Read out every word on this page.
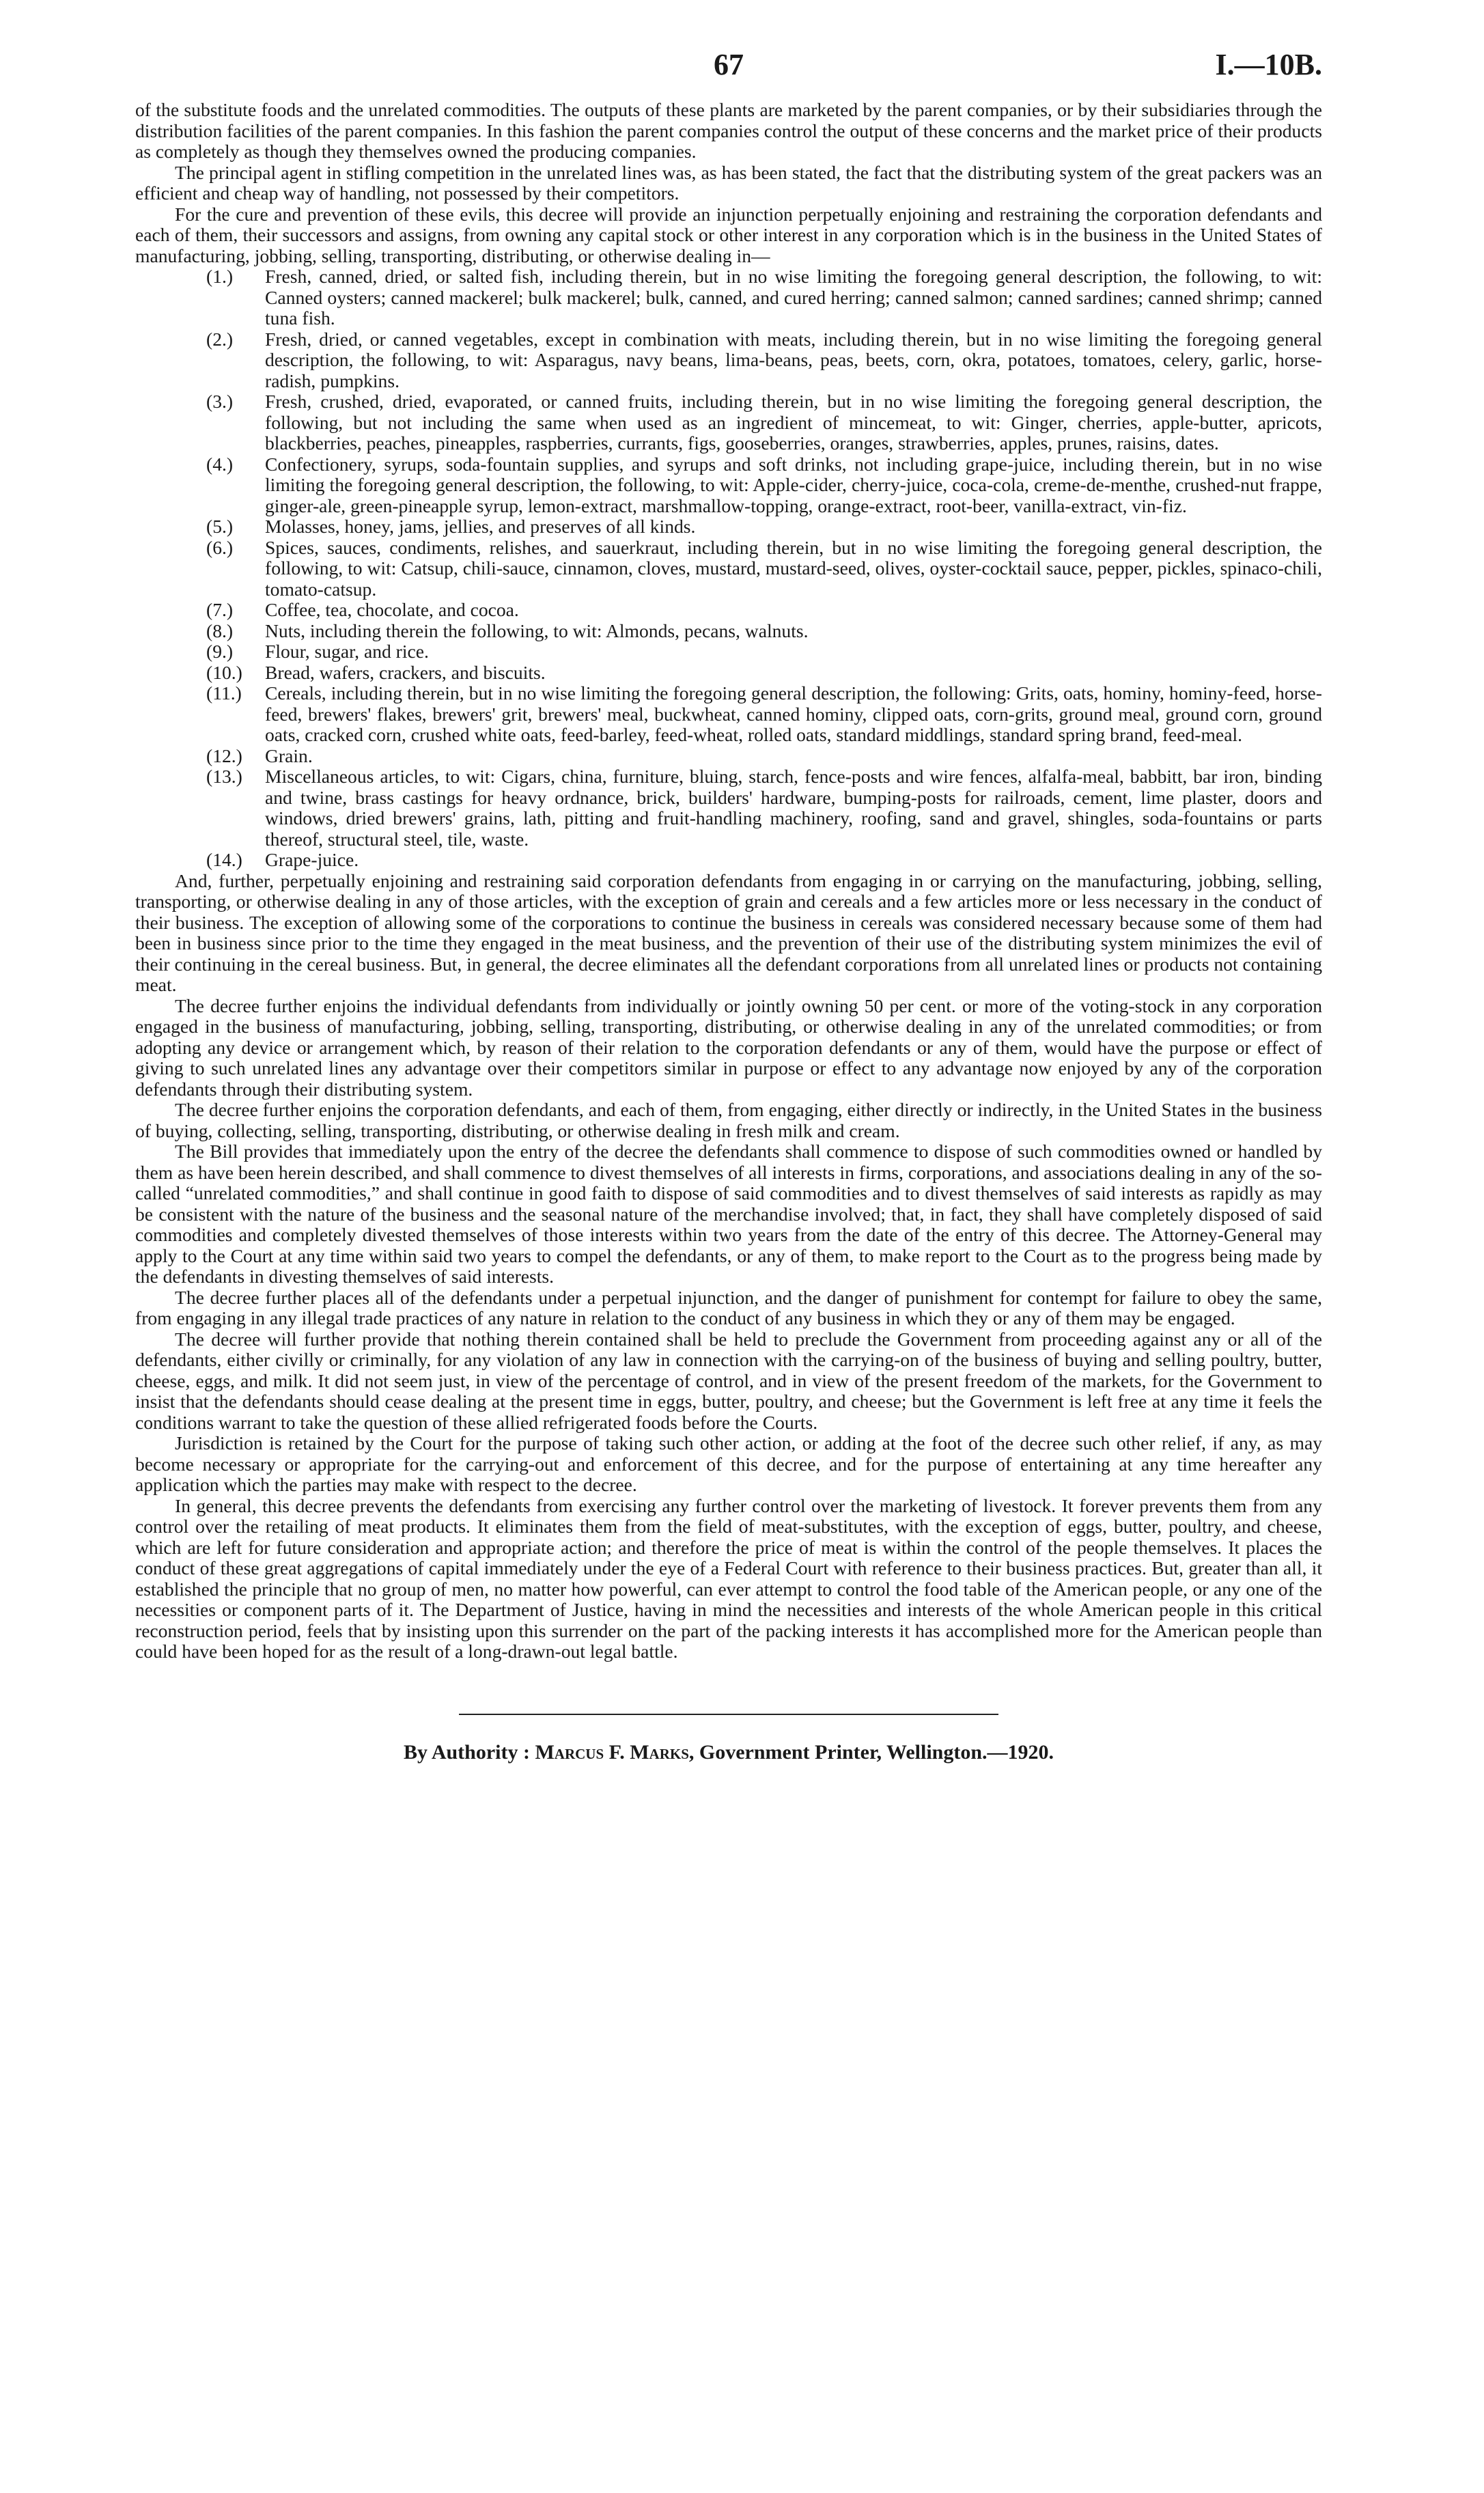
67	I.—10B.

of the substitute foods and the unrelated commodities. The outputs of these plants are marketed by the parent companies, or by their subsidiaries through the distribution facilities of the parent companies. In this fashion the parent companies control the output of these concerns and the market price of their products as completely as though they themselves owned the producing companies.

The principal agent in stifling competition in the unrelated lines was, as has been stated, the fact that the distributing system of the great packers was an efficient and cheap way of handling, not possessed by their competitors.

For the cure and prevention of these evils, this decree will provide an injunction perpetually enjoining and restraining the corporation defendants and each of them, their successors and assigns, from owning any capital stock or other interest in any corporation which is in the business in the United States of manufacturing, jobbing, selling, transporting, distributing, or otherwise dealing in—

(1.)	Fresh, canned, dried, or salted fish, including therein, but in no wise limiting the foregoing general description, the following, to wit: Canned oysters; canned mackerel; bulk mackerel; bulk, canned, and cured herring; canned salmon; canned sardines; canned shrimp; canned tuna fish.
(2.)	Fresh, dried, or canned vegetables, except in combination with meats, including therein, but in no wise limiting the foregoing general description, the following, to wit: Asparagus, navy beans, lima-beans, peas, beets, corn, okra, potatoes, tomatoes, celery, garlic, horse-radish, pumpkins.
(3.)	Fresh, crushed, dried, evaporated, or canned fruits, including therein, but in no wise limiting the foregoing general description, the following, but not including the same when used as an ingredient of mincemeat, to wit: Ginger, cherries, apple-butter, apricots, blackberries, peaches, pineapples, raspberries, currants, figs, gooseberries, oranges, strawberries, apples, prunes, raisins, dates.
(4.)	Confectionery, syrups, soda-fountain supplies, and syrups and soft drinks, not including grape-juice, including therein, but in no wise limiting the foregoing general description, the following, to wit: Apple-cider, cherry-juice, coca-cola, creme-de-menthe, crushed-nut frappe, ginger-ale, green-pineapple syrup, lemon-extract, marshmallow-topping, orange-extract, root-beer, vanilla-extract, vin-fiz.
(5.)	Molasses, honey, jams, jellies, and preserves of all kinds.
(6.)	Spices, sauces, condiments, relishes, and sauerkraut, including therein, but in no wise limiting the foregoing general description, the following, to wit: Catsup, chili-sauce, cinnamon, cloves, mustard, mustard-seed, olives, oyster-cocktail sauce, pepper, pickles, spinaco-chili, tomato-catsup.
(7.)	Coffee, tea, chocolate, and cocoa.
(8.)	Nuts, including therein the following, to wit: Almonds, pecans, walnuts.
(9.)	Flour, sugar, and rice.
(10.)	Bread, wafers, crackers, and biscuits.
(11.)	Cereals, including therein, but in no wise limiting the foregoing general description, the following: Grits, oats, hominy, hominy-feed, horse-feed, brewers' flakes, brewers' grit, brewers' meal, buckwheat, canned hominy, clipped oats, corn-grits, ground meal, ground corn, ground oats, cracked corn, crushed white oats, feed-barley, feed-wheat, rolled oats, standard middlings, standard spring brand, feed-meal.
(12.)	Grain.
(13.)	Miscellaneous articles, to wit: Cigars, china, furniture, bluing, starch, fence-posts and wire fences, alfalfa-meal, babbitt, bar iron, binding and twine, brass castings for heavy ordnance, brick, builders' hardware, bumping-posts for railroads, cement, lime plaster, doors and windows, dried brewers' grains, lath, pitting and fruit-handling machinery, roofing, sand and gravel, shingles, soda-fountains or parts thereof, structural steel, tile, waste.
(14.)	Grape-juice.

And, further, perpetually enjoining and restraining said corporation defendants from engaging in or carrying on the manufacturing, jobbing, selling, transporting, or otherwise dealing in any of those articles, with the exception of grain and cereals and a few articles more or less necessary in the conduct of their business. The exception of allowing some of the corporations to continue the business in cereals was considered necessary because some of them had been in business since prior to the time they engaged in the meat business, and the prevention of their use of the distributing system minimizes the evil of their continuing in the cereal business. But, in general, the decree eliminates all the defendant corporations from all unrelated lines or products not containing meat.

The decree further enjoins the individual defendants from individually or jointly owning 50 per cent. or more of the voting-stock in any corporation engaged in the business of manufacturing, jobbing, selling, transporting, distributing, or otherwise dealing in any of the unrelated commodities; or from adopting any device or arrangement which, by reason of their relation to the corporation defendants or any of them, would have the purpose or effect of giving to such unrelated lines any advantage over their competitors similar in purpose or effect to any advantage now enjoyed by any of the corporation defendants through their distributing system.

The decree further enjoins the corporation defendants, and each of them, from engaging, either directly or indirectly, in the United States in the business of buying, collecting, selling, transporting, distributing, or otherwise dealing in fresh milk and cream.

The Bill provides that immediately upon the entry of the decree the defendants shall commence to dispose of such commodities owned or handled by them as have been herein described, and shall commence to divest themselves of all interests in firms, corporations, and associations dealing in any of the so-called “unrelated commodities,” and shall continue in good faith to dispose of said commodities and to divest themselves of said interests as rapidly as may be consistent with the nature of the business and the seasonal nature of the merchandise involved; that, in fact, they shall have completely disposed of said commodities and completely divested themselves of those interests within two years from the date of the entry of this decree. The Attorney-General may apply to the Court at any time within said two years to compel the defendants, or any of them, to make report to the Court as to the progress being made by the defendants in divesting themselves of said interests.

The decree further places all of the defendants under a perpetual injunction, and the danger of punishment for contempt for failure to obey the same, from engaging in any illegal trade practices of any nature in relation to the conduct of any business in which they or any of them may be engaged.

The decree will further provide that nothing therein contained shall be held to preclude the Government from proceeding against any or all of the defendants, either civilly or criminally, for any violation of any law in connection with the carrying-on of the business of buying and selling poultry, butter, cheese, eggs, and milk. It did not seem just, in view of the percentage of control, and in view of the present freedom of the markets, for the Government to insist that the defendants should cease dealing at the present time in eggs, butter, poultry, and cheese; but the Government is left free at any time it feels the conditions warrant to take the question of these allied refrigerated foods before the Courts.

Jurisdiction is retained by the Court for the purpose of taking such other action, or adding at the foot of the decree such other relief, if any, as may become necessary or appropriate for the carrying-out and enforcement of this decree, and for the purpose of entertaining at any time hereafter any application which the parties may make with respect to the decree.

In general, this decree prevents the defendants from exercising any further control over the marketing of livestock. It forever prevents them from any control over the retailing of meat products. It eliminates them from the field of meat-substitutes, with the exception of eggs, butter, poultry, and cheese, which are left for future consideration and appropriate action; and therefore the price of meat is within the control of the people themselves. It places the conduct of these great aggregations of capital immediately under the eye of a Federal Court with reference to their business practices. But, greater than all, it established the principle that no group of men, no matter how powerful, can ever attempt to control the food table of the American people, or any one of the necessities or component parts of it. The Department of Justice, having in mind the necessities and interests of the whole American people in this critical reconstruction period, feels that by insisting upon this surrender on the part of the packing interests it has accomplished more for the American people than could have been hoped for as the result of a long-drawn-out legal battle.

By Authority : Marcus F. Marks, Government Printer, Wellington.—1920.
